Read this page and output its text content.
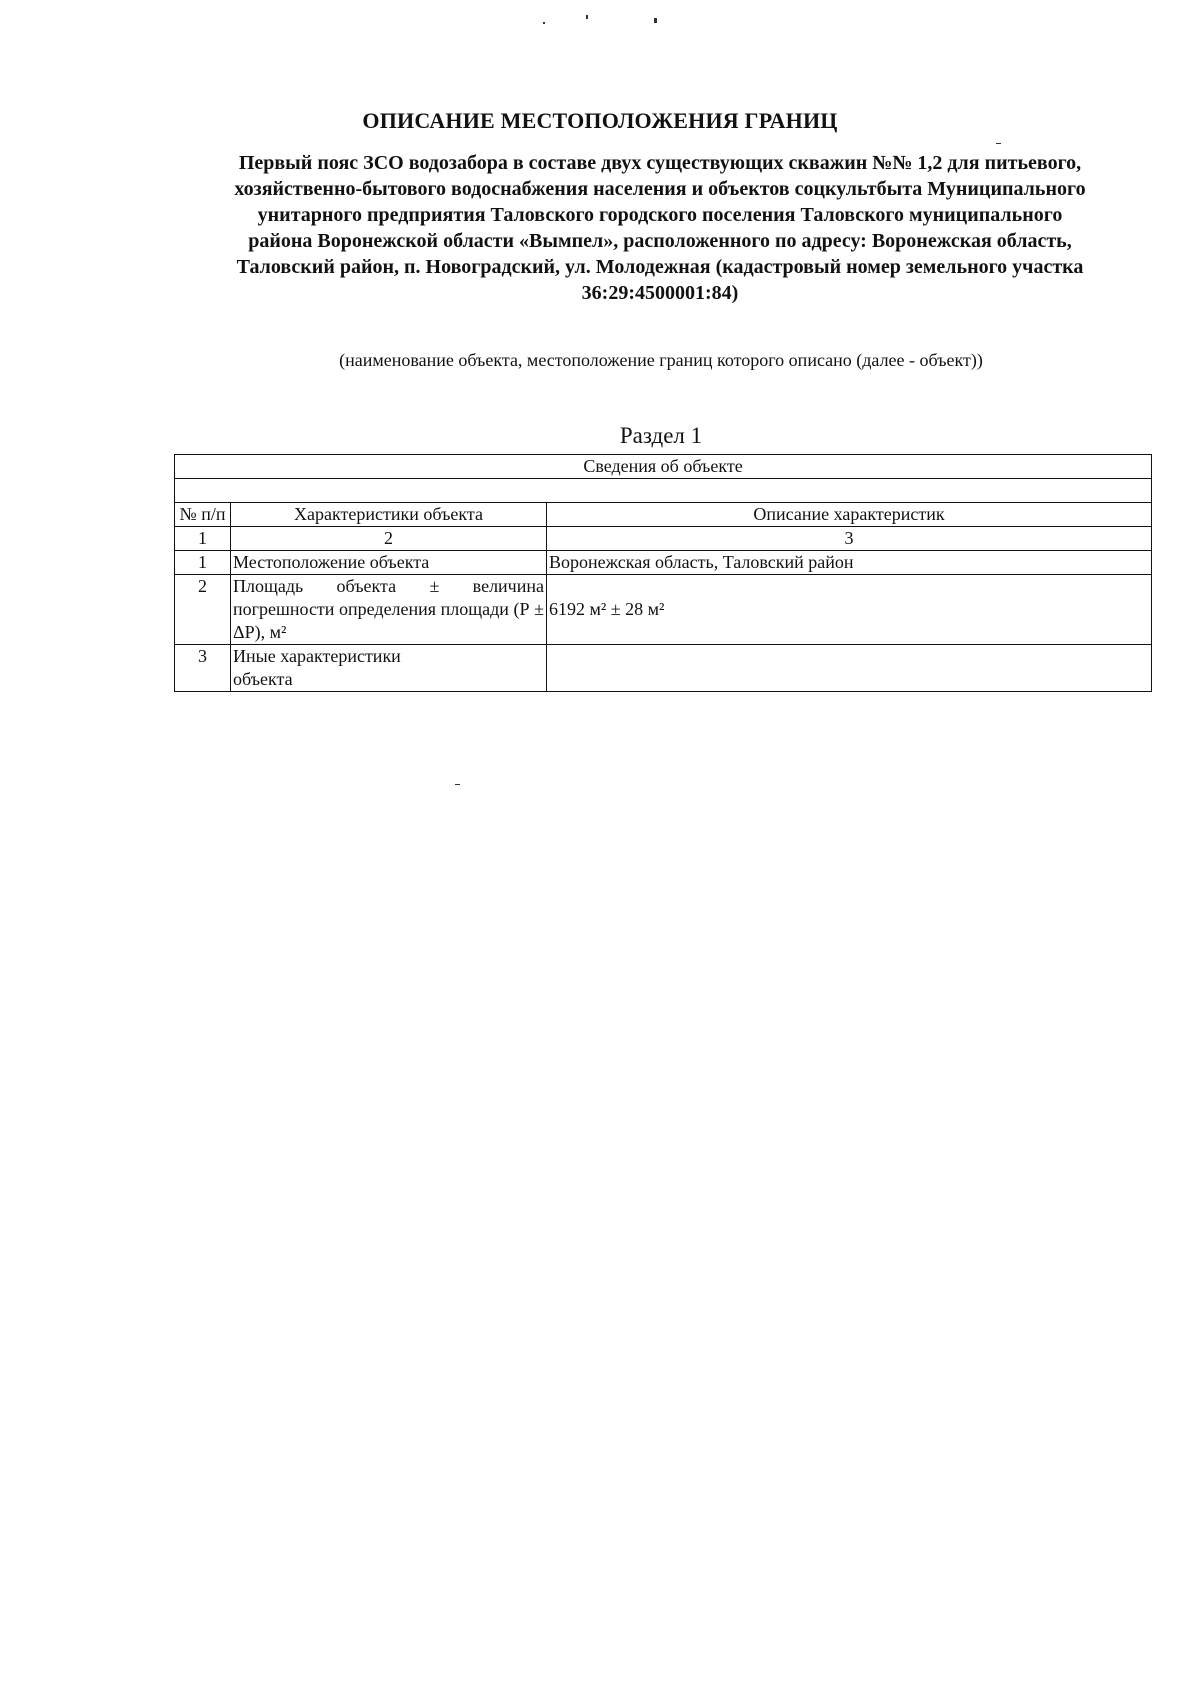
ОПИСАНИЕ МЕСТОПОЛОЖЕНИЯ ГРАНИЦ
Первый пояс ЗСО водозабора в составе двух существующих скважин №№ 1,2 для питьевого,
хозяйственно-бытового водоснабжения населения и объектов соцкультбыта Муниципального
унитарного предприятия Таловского городского поселения Таловского муниципального
района Воронежской области «Вымпел», расположенного по адресу: Воронежская область,
Таловский район, п. Новоградский, ул. Молодежная (кадастровый номер земельного участка
36:29:4500001:84)
(наименование объекта, местоположение границ которого описано (далее - объект))
Раздел 1
Сведения об объекте		

№ п/п	Характеристики объекта	Описание характеристик
1	2	3
1	Местоположение объекта	Воронежская область, Таловский район
2	Площадь объекта ± величина погрешности определения площади (Р ± ΔР), м²	6192 м² ± 28 м²
3	Иные характеристики объекта	
